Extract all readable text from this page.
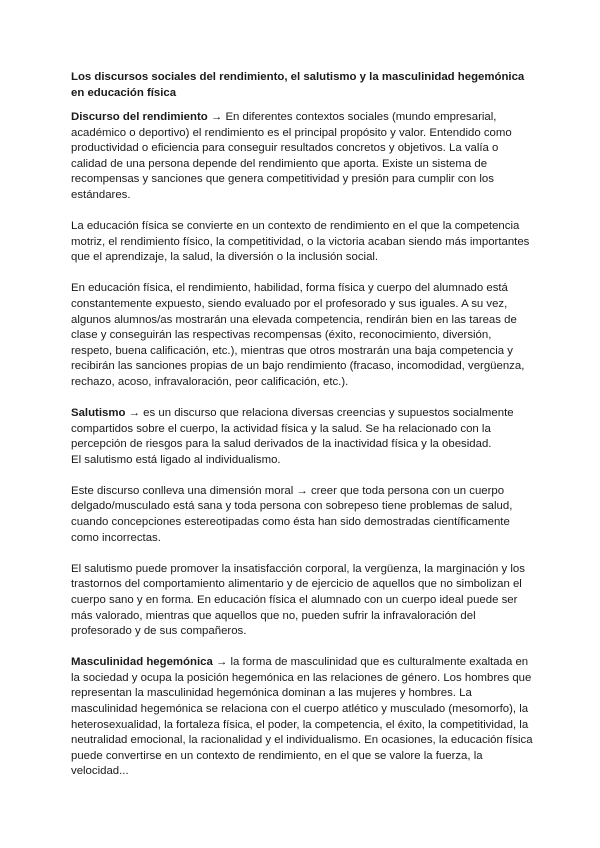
Los discursos sociales del rendimiento, el salutismo y la masculinidad hegemónica en educación física

Discurso del rendimiento → En diferentes contextos sociales (mundo empresarial, académico o deportivo) el rendimiento es el principal propósito y valor. Entendido como productividad o eficiencia para conseguir resultados concretos y objetivos. La valía o calidad de una persona depende del rendimiento que aporta. Existe un sistema de recompensas y sanciones que genera competitividad y presión para cumplir con los estándares.

La educación física se convierte en un contexto de rendimiento en el que la competencia motriz, el rendimiento físico, la competitividad, o la victoria acaban siendo más importantes que el aprendizaje, la salud, la diversión o la inclusión social.

En educación física, el rendimiento, habilidad, forma física y cuerpo del alumnado está constantemente expuesto, siendo evaluado por el profesorado y sus iguales. A su vez, algunos alumnos/as mostrarán una elevada competencia, rendirán bien en las tareas de clase y conseguirán las respectivas recompensas (éxito, reconocimiento, diversión, respeto, buena calificación, etc.), mientras que otros mostrarán una baja competencia y recibirán las sanciones propias de un bajo rendimiento (fracaso, incomodidad, vergüenza, rechazo, acoso, infravaloración, peor calificación, etc.).

Salutismo → es un discurso que relaciona diversas creencias y supuestos socialmente compartidos sobre el cuerpo, la actividad física y la salud. Se ha relacionado con la percepción de riesgos para la salud derivados de la inactividad física y la obesidad.
El salutismo está ligado al individualismo.

Este discurso conlleva una dimensión moral → creer que toda persona con un cuerpo delgado/musculado está sana y toda persona con sobrepeso tiene problemas de salud, cuando concepciones estereotipadas como ésta han sido demostradas científicamente como incorrectas.

El salutismo puede promover la insatisfacción corporal, la vergüenza, la marginación y los trastornos del comportamiento alimentario y de ejercicio de aquellos que no simbolizan el cuerpo sano y en forma. En educación física el alumnado con un cuerpo ideal puede ser más valorado, mientras que aquellos que no, pueden sufrir la infravaloración del profesorado y de sus compañeros.

Masculinidad hegemónica → la forma de masculinidad que es culturalmente exaltada en la sociedad y ocupa la posición hegemónica en las relaciones de género. Los hombres que representan la masculinidad hegemónica dominan a las mujeres y hombres. La masculinidad hegemónica se relaciona con el cuerpo atlético y musculado (mesomorfo), la heterosexualidad, la fortaleza física, el poder, la competencia, el éxito, la competitividad, la neutralidad emocional, la racionalidad y el individualismo. En ocasiones, la educación física puede convertirse en un contexto de rendimiento, en el que se valore la fuerza, la velocidad...
